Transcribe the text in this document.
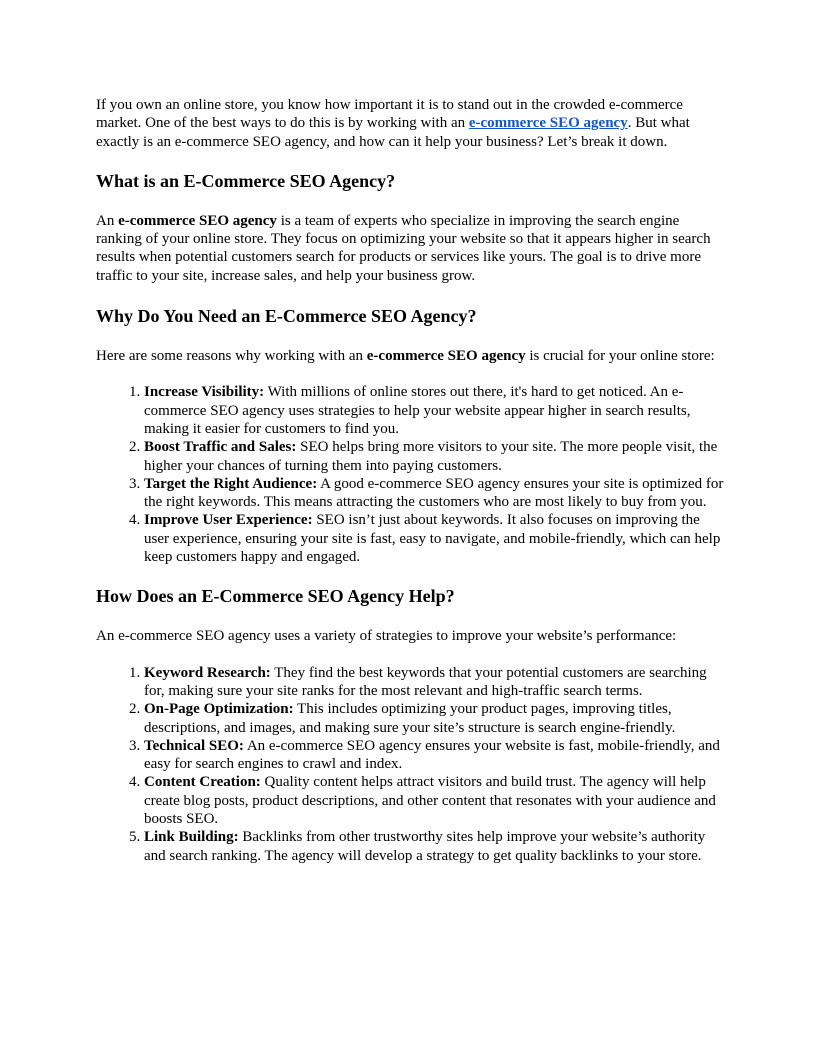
If you own an online store, you know how important it is to stand out in the crowded e-commerce market. One of the best ways to do this is by working with an e-commerce SEO agency. But what exactly is an e-commerce SEO agency, and how can it help your business? Let’s break it down.

What is an E-Commerce SEO Agency?

An e-commerce SEO agency is a team of experts who specialize in improving the search engine ranking of your online store. They focus on optimizing your website so that it appears higher in search results when potential customers search for products or services like yours. The goal is to drive more traffic to your site, increase sales, and help your business grow.

Why Do You Need an E-Commerce SEO Agency?

Here are some reasons why working with an e-commerce SEO agency is crucial for your online store:

1. Increase Visibility: With millions of online stores out there, it's hard to get noticed. An e-commerce SEO agency uses strategies to help your website appear higher in search results, making it easier for customers to find you.
2. Boost Traffic and Sales: SEO helps bring more visitors to your site. The more people visit, the higher your chances of turning them into paying customers.
3. Target the Right Audience: A good e-commerce SEO agency ensures your site is optimized for the right keywords. This means attracting the customers who are most likely to buy from you.
4. Improve User Experience: SEO isn’t just about keywords. It also focuses on improving the user experience, ensuring your site is fast, easy to navigate, and mobile-friendly, which can help keep customers happy and engaged.
How Does an E-Commerce SEO Agency Help?

An e-commerce SEO agency uses a variety of strategies to improve your website’s performance:

1. Keyword Research: They find the best keywords that your potential customers are searching for, making sure your site ranks for the most relevant and high-traffic search terms.
2. On-Page Optimization: This includes optimizing your product pages, improving titles, descriptions, and images, and making sure your site’s structure is search engine-friendly.
3. Technical SEO: An e-commerce SEO agency ensures your website is fast, mobile-friendly, and easy for search engines to crawl and index.
4. Content Creation: Quality content helps attract visitors and build trust. The agency will help create blog posts, product descriptions, and other content that resonates with your audience and boosts SEO.
5. Link Building: Backlinks from other trustworthy sites help improve your website’s authority and search ranking. The agency will develop a strategy to get quality backlinks to your store.
